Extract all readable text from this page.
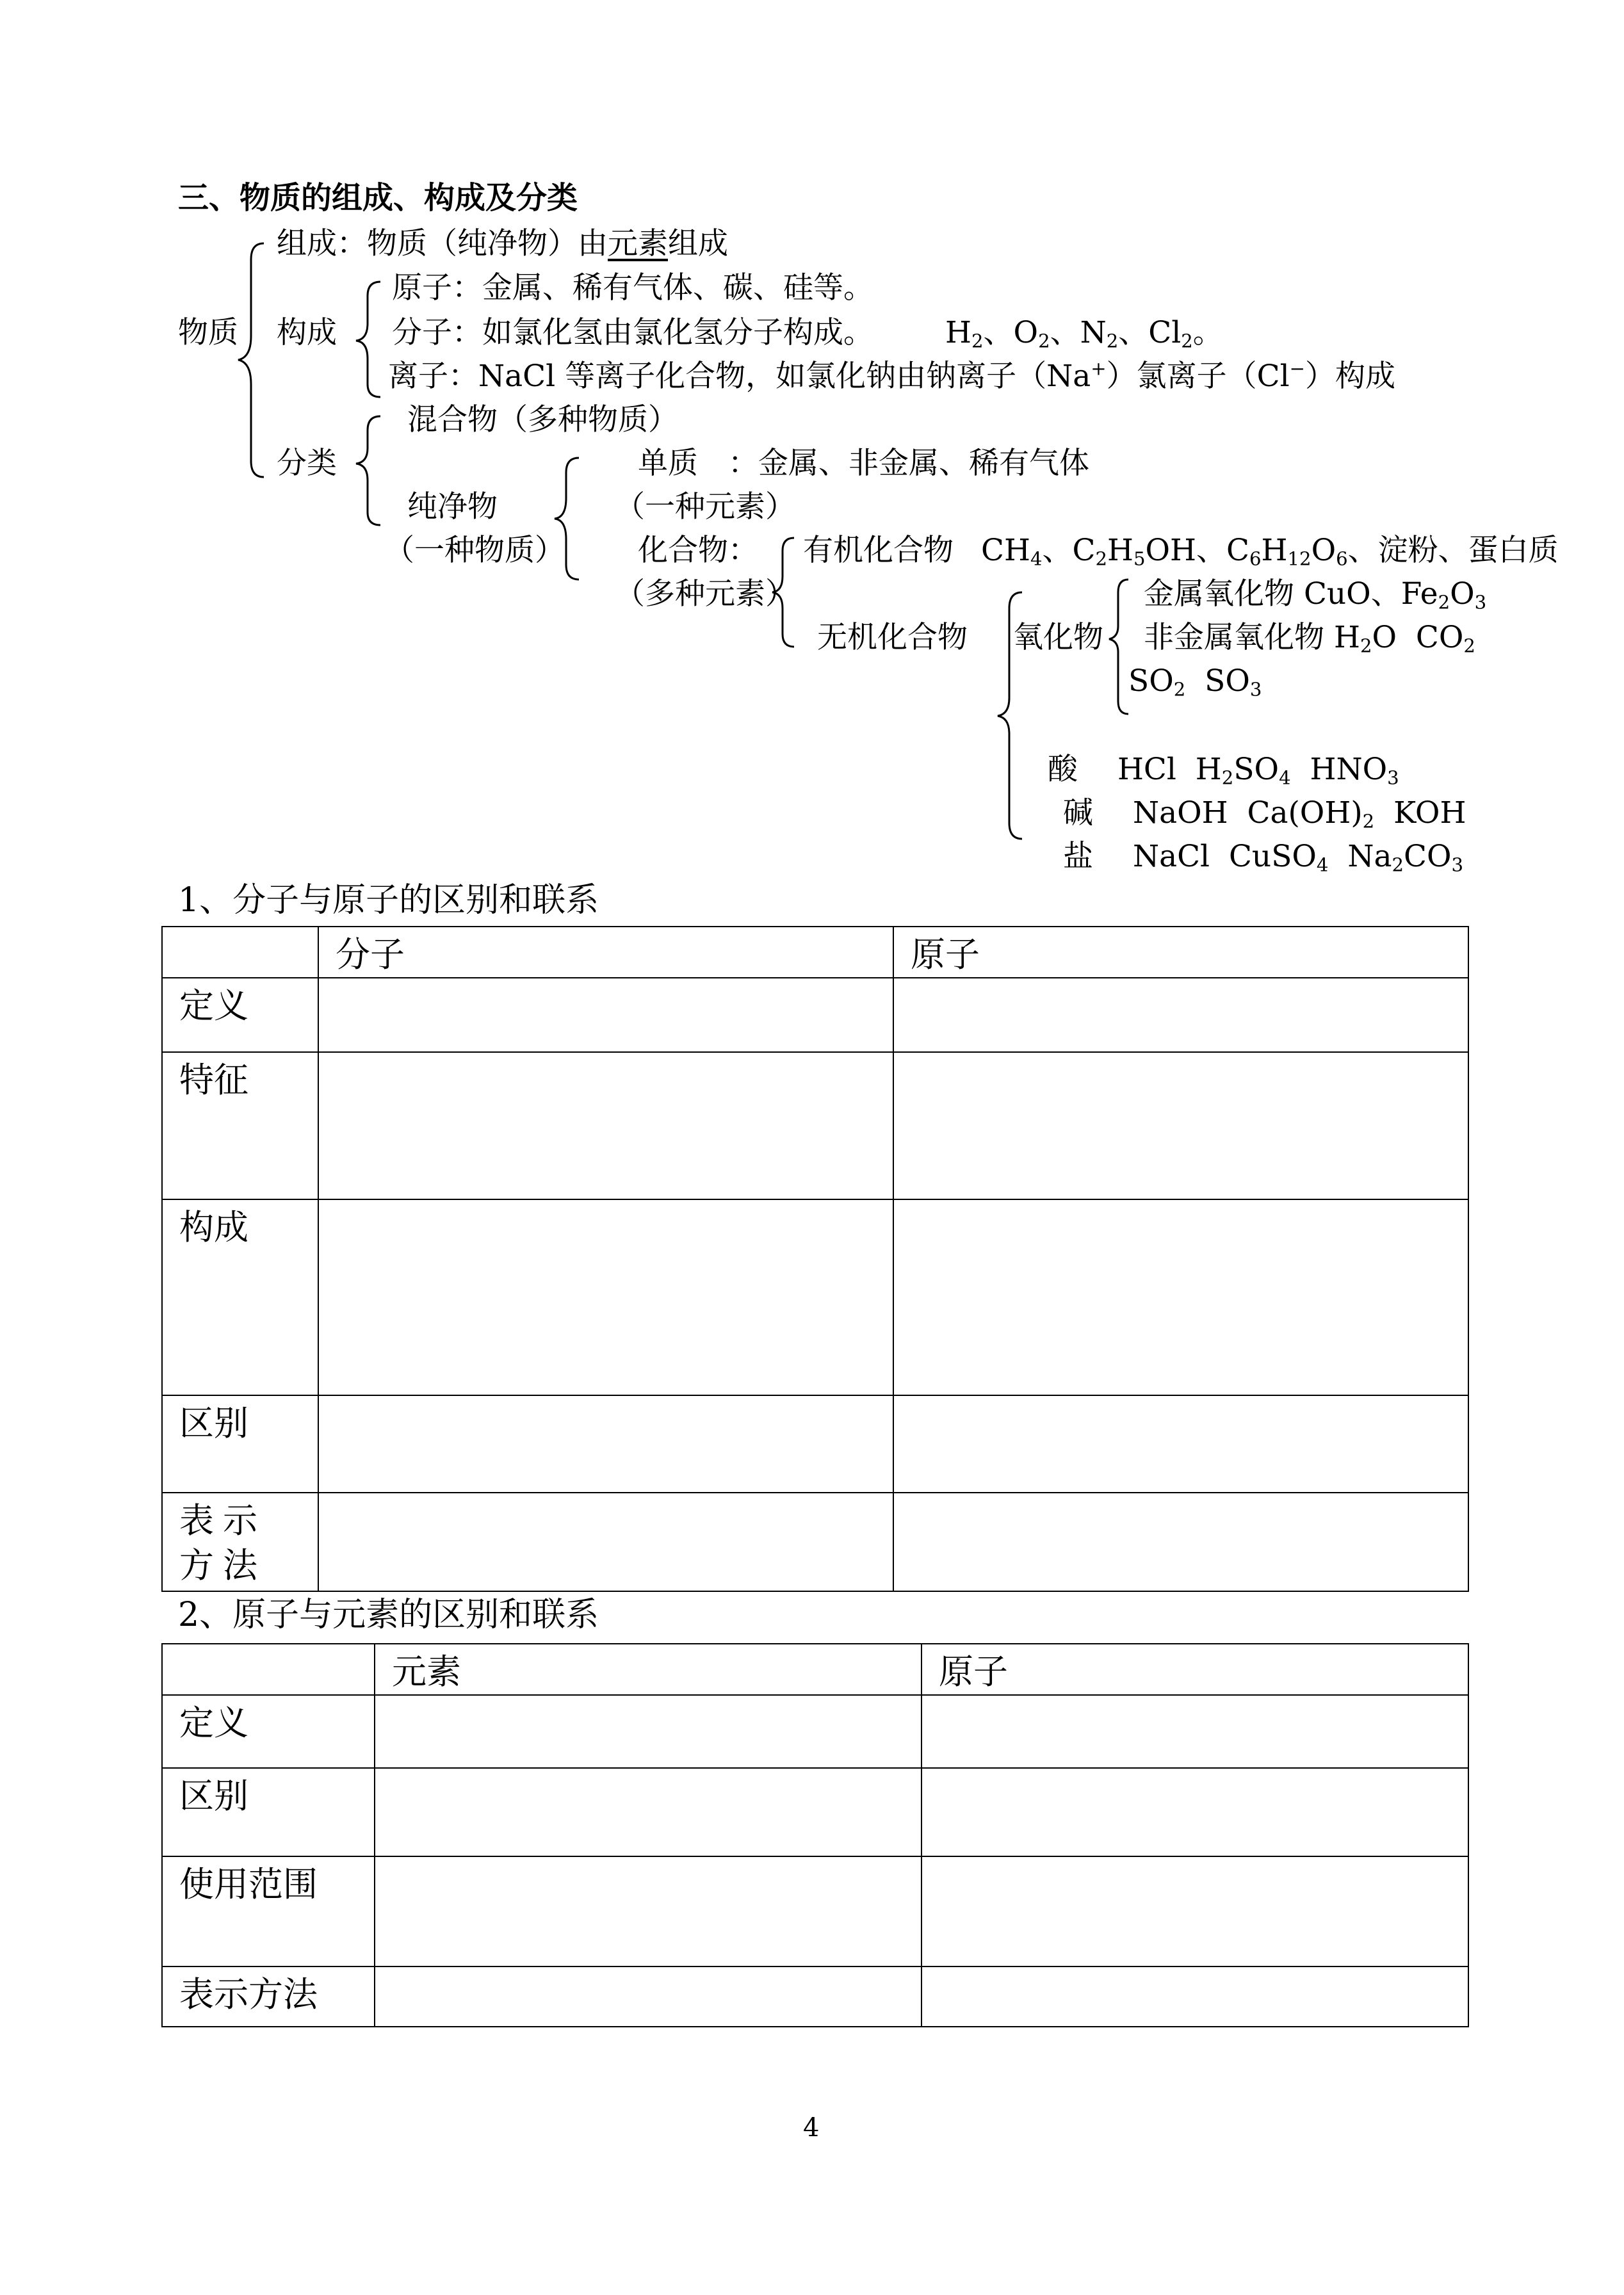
三、物质的组成、构成及分类
物质
组成：物质（纯净物）由元素组成
构成
原子：金属、稀有气体、碳、硅等。
分子：如氯化氢由氯化氢分子构成。 $H_2$、$O_2$、$N_2$、$Cl_2$。
离子：NaCl 等离子化合物，如氯化钠由钠离子（Na+）氯离子（Cl−）构成
混合物（多种物质）
分类
纯净物
（一种物质）
单质　：金属、非金属、稀有气体
（一种元素）
化合物：
（多种元素）
有机化合物 $CH_4$、$C_2H_5OH$、$C_6H_{12}O_6$、淀粉、蛋白质
无机化合物 氧化物
金属氧化物 CuO、$Fe_2O_3$
非金属氧化物 $H_2O$  $CO_2$
$SO_2$  $SO_3$
酸　 HCl  $H_2SO_4$  $HNO_3$
碱　 NaOH  $Ca(OH)_2$  KOH
盐　 NaCl  CuSO$_4$  $Na_2CO_3$
1、分子与原子的区别和联系
	分子	原子
定义		
特征		
构成		
区别		
表示方法		
2、原子与元素的区别和联系
	元素	原子
定义		
区别		
使用范围		
表示方法		
4
